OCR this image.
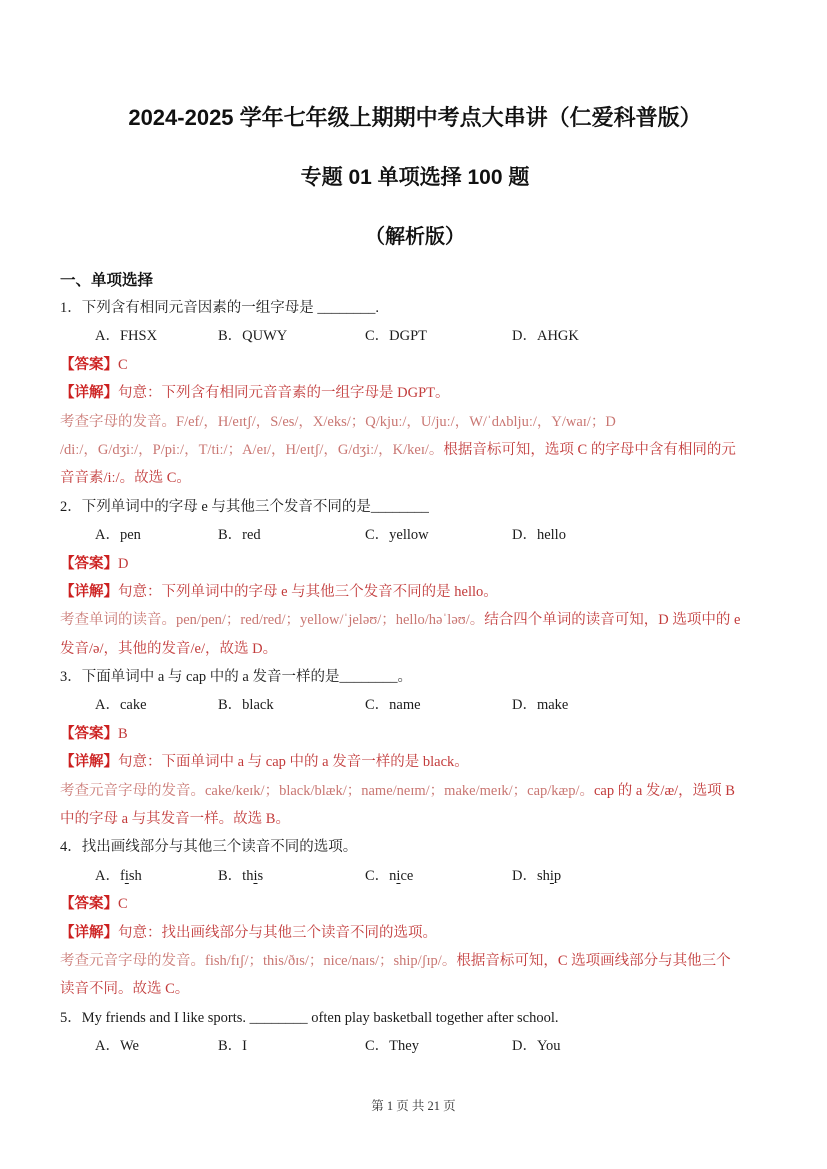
2024-2025 学年七年级上期期中考点大串讲（仁爱科普版）
专题 01 单项选择 100 题
（解析版）
一、单项选择
1．下列含有相同元音因素的一组字母是 ________.
A．FHSX	B．QUWY	C．DGPT	D．AHGK
【答案】C
【详解】句意：下列含有相同元音音素的一组字母是 DGPT。
考查字母的发音。F/ef/，H/eɪtʃ/，S/es/，X/eks/；Q/kjuː/，U/juː/，W/ˈdʌbljuː/，Y/waɪ/；D
/diː/，G/dʒiː/，P/piː/，T/tiː/；A/eɪ/，H/eɪtʃ/，G/dʒiː/，K/keɪ/。根据音标可知，选项 C 的字母中含有相同的元
音音素/iː/。故选 C。
2．下列单词中的字母 e 与其他三个发音不同的是________
A．pen	B．red	C．yellow	D．hello
【答案】D
【详解】句意：下列单词中的字母 e 与其他三个发音不同的是 hello。
考查单词的读音。pen/pen/；red/red/；yellow/ˈjeləʊ/；hello/həˈləʊ/。结合四个单词的读音可知，D 选项中的 e
发音/ə/，其他的发音/e/，故选 D。
3．下面单词中 a 与 cap 中的 a 发音一样的是________。
A．cake	B．black	C．name	D．make
【答案】B
【详解】句意：下面单词中 a 与 cap 中的 a 发音一样的是 black。
考查元音字母的发音。cake/keɪk/；black/blæk/；name/neɪm/；make/meɪk/；cap/kæp/。cap 的 a 发/æ/，选项 B
中的字母 a 与其发音一样。故选 B。
4．找出画线部分与其他三个读音不同的选项。
A．fish	B．this	C．nice	D．ship
【答案】C
【详解】句意：找出画线部分与其他三个读音不同的选项。
考查元音字母的发音。fish/fɪʃ/；this/ðɪs/；nice/naɪs/；ship/ʃɪp/。根据音标可知，C 选项画线部分与其他三个
读音不同。故选 C。
5．My friends and I like sports. ________ often play basketball together after school.
A．We	B．I	C．They	D．You
第 1 页 共 21 页
